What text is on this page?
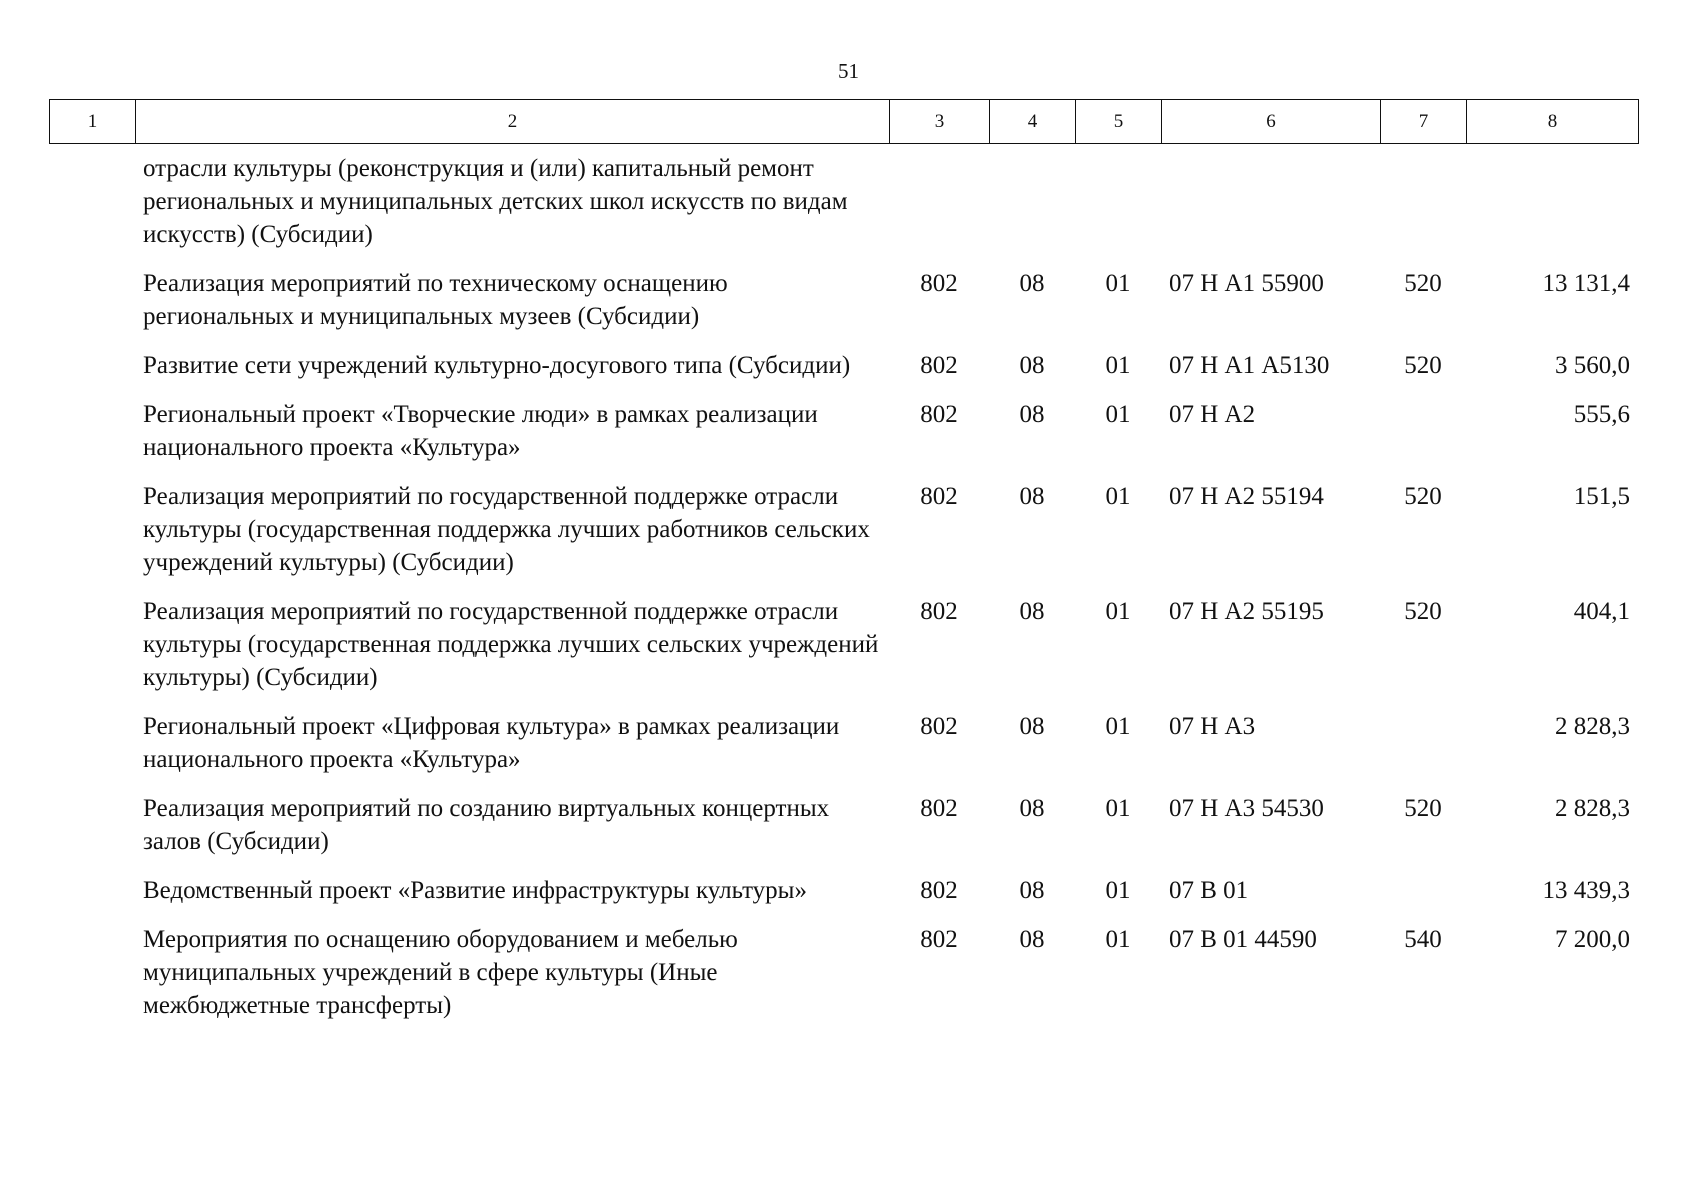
51
1	2	3	4	5	6	7	8
отрасли культуры (реконструкция и (или) капитальный ремонт региональных и муниципальных детских школ искусств по видам искусств) (Субсидии)						
Реализация мероприятий по техническому оснащению региональных и муниципальных музеев (Субсидии)	802	08	01	07 Н А1 55900	520	13 131,4
Развитие сети учреждений культурно-досугового типа (Субсидии)	802	08	01	07 Н А1 А5130	520	3 560,0
Региональный проект «Творческие люди» в рамках реализации национального проекта «Культура»	802	08	01	07 Н А2		555,6
Реализация мероприятий по государственной поддержке отрасли культуры (государственная поддержка лучших работников сельских учреждений культуры) (Субсидии)	802	08	01	07 Н А2 55194	520	151,5
Реализация мероприятий по государственной поддержке отрасли культуры (государственная поддержка лучших сельских учреждений культуры) (Субсидии)	802	08	01	07 Н А2 55195	520	404,1
Региональный проект «Цифровая культура» в рамках реализации национального проекта «Культура»	802	08	01	07 Н А3		2 828,3
Реализация мероприятий по созданию виртуальных концертных залов (Субсидии)	802	08	01	07 Н А3 54530	520	2 828,3
Ведомственный проект «Развитие инфраструктуры культуры»	802	08	01	07 В 01		13 439,3
Мероприятия по оснащению оборудованием и мебелью муниципальных учреждений в сфере культуры (Иные межбюджетные трансферты)	802	08	01	07 В 01 44590	540	7 200,0
